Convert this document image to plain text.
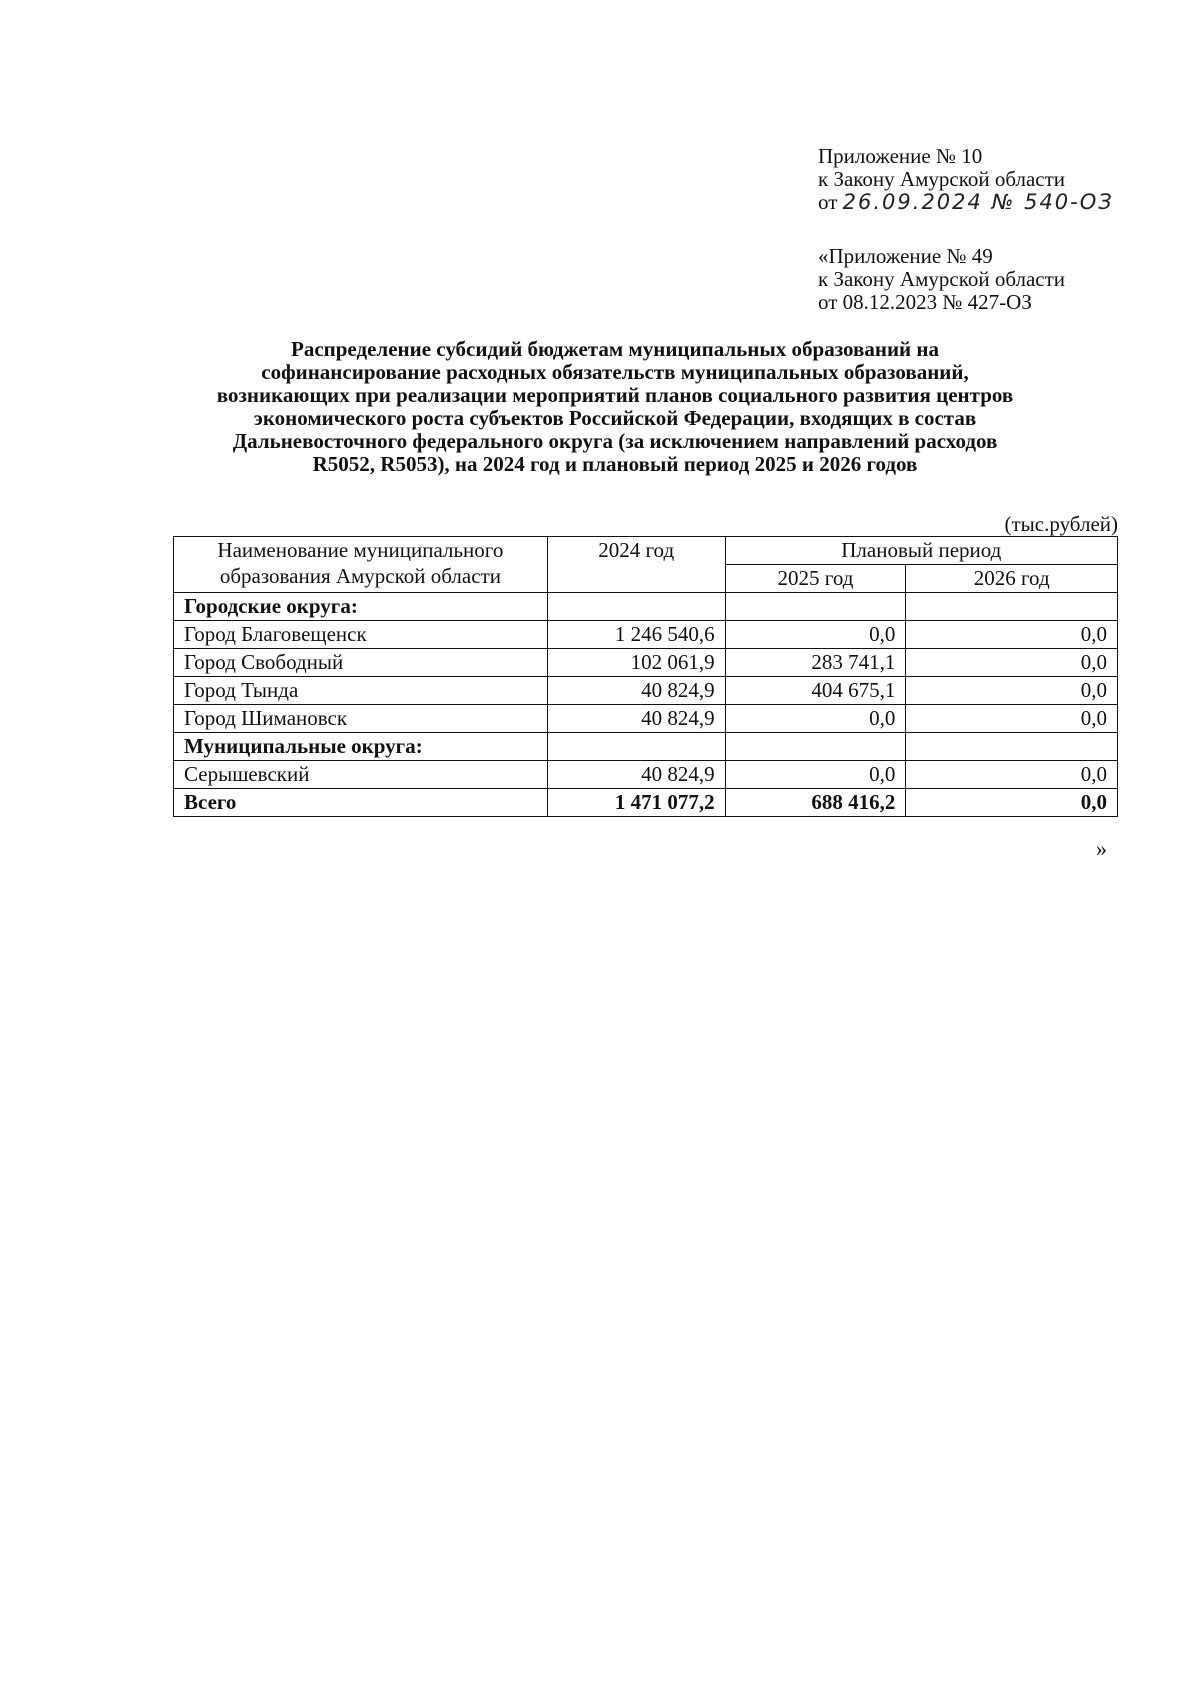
Приложение № 10
к Закону Амурской области
от 26.09.2024 № 540-ОЗ
«Приложение № 49
к Закону Амурской области
от 08.12.2023 № 427-ОЗ
Распределение субсидий бюджетам муниципальных образований на
софинансирование расходных обязательств муниципальных образований,
возникающих при реализации мероприятий планов социального развития центров
экономического роста субъектов Российской Федерации, входящих в состав
Дальневосточного федерального округа (за исключением направлений расходов
R5052, R5053), на 2024 год и плановый период 2025 и 2026 годов
(тыс.рублей)
Наименование муниципального
образования Амурской области	2024 год	Плановый период	
		2025 год	2026 год
Городские округа:			
Город Благовещенск	1 246 540,6	0,0	0,0
Город Свободный	102 061,9	283 741,1	0,0
Город Тында	40 824,9	404 675,1	0,0
Город Шимановск	40 824,9	0,0	0,0
Муниципальные округа:			
Серышевский	40 824,9	0,0	0,0
Всего	1 471 077,2	688 416,2	0,0
»
